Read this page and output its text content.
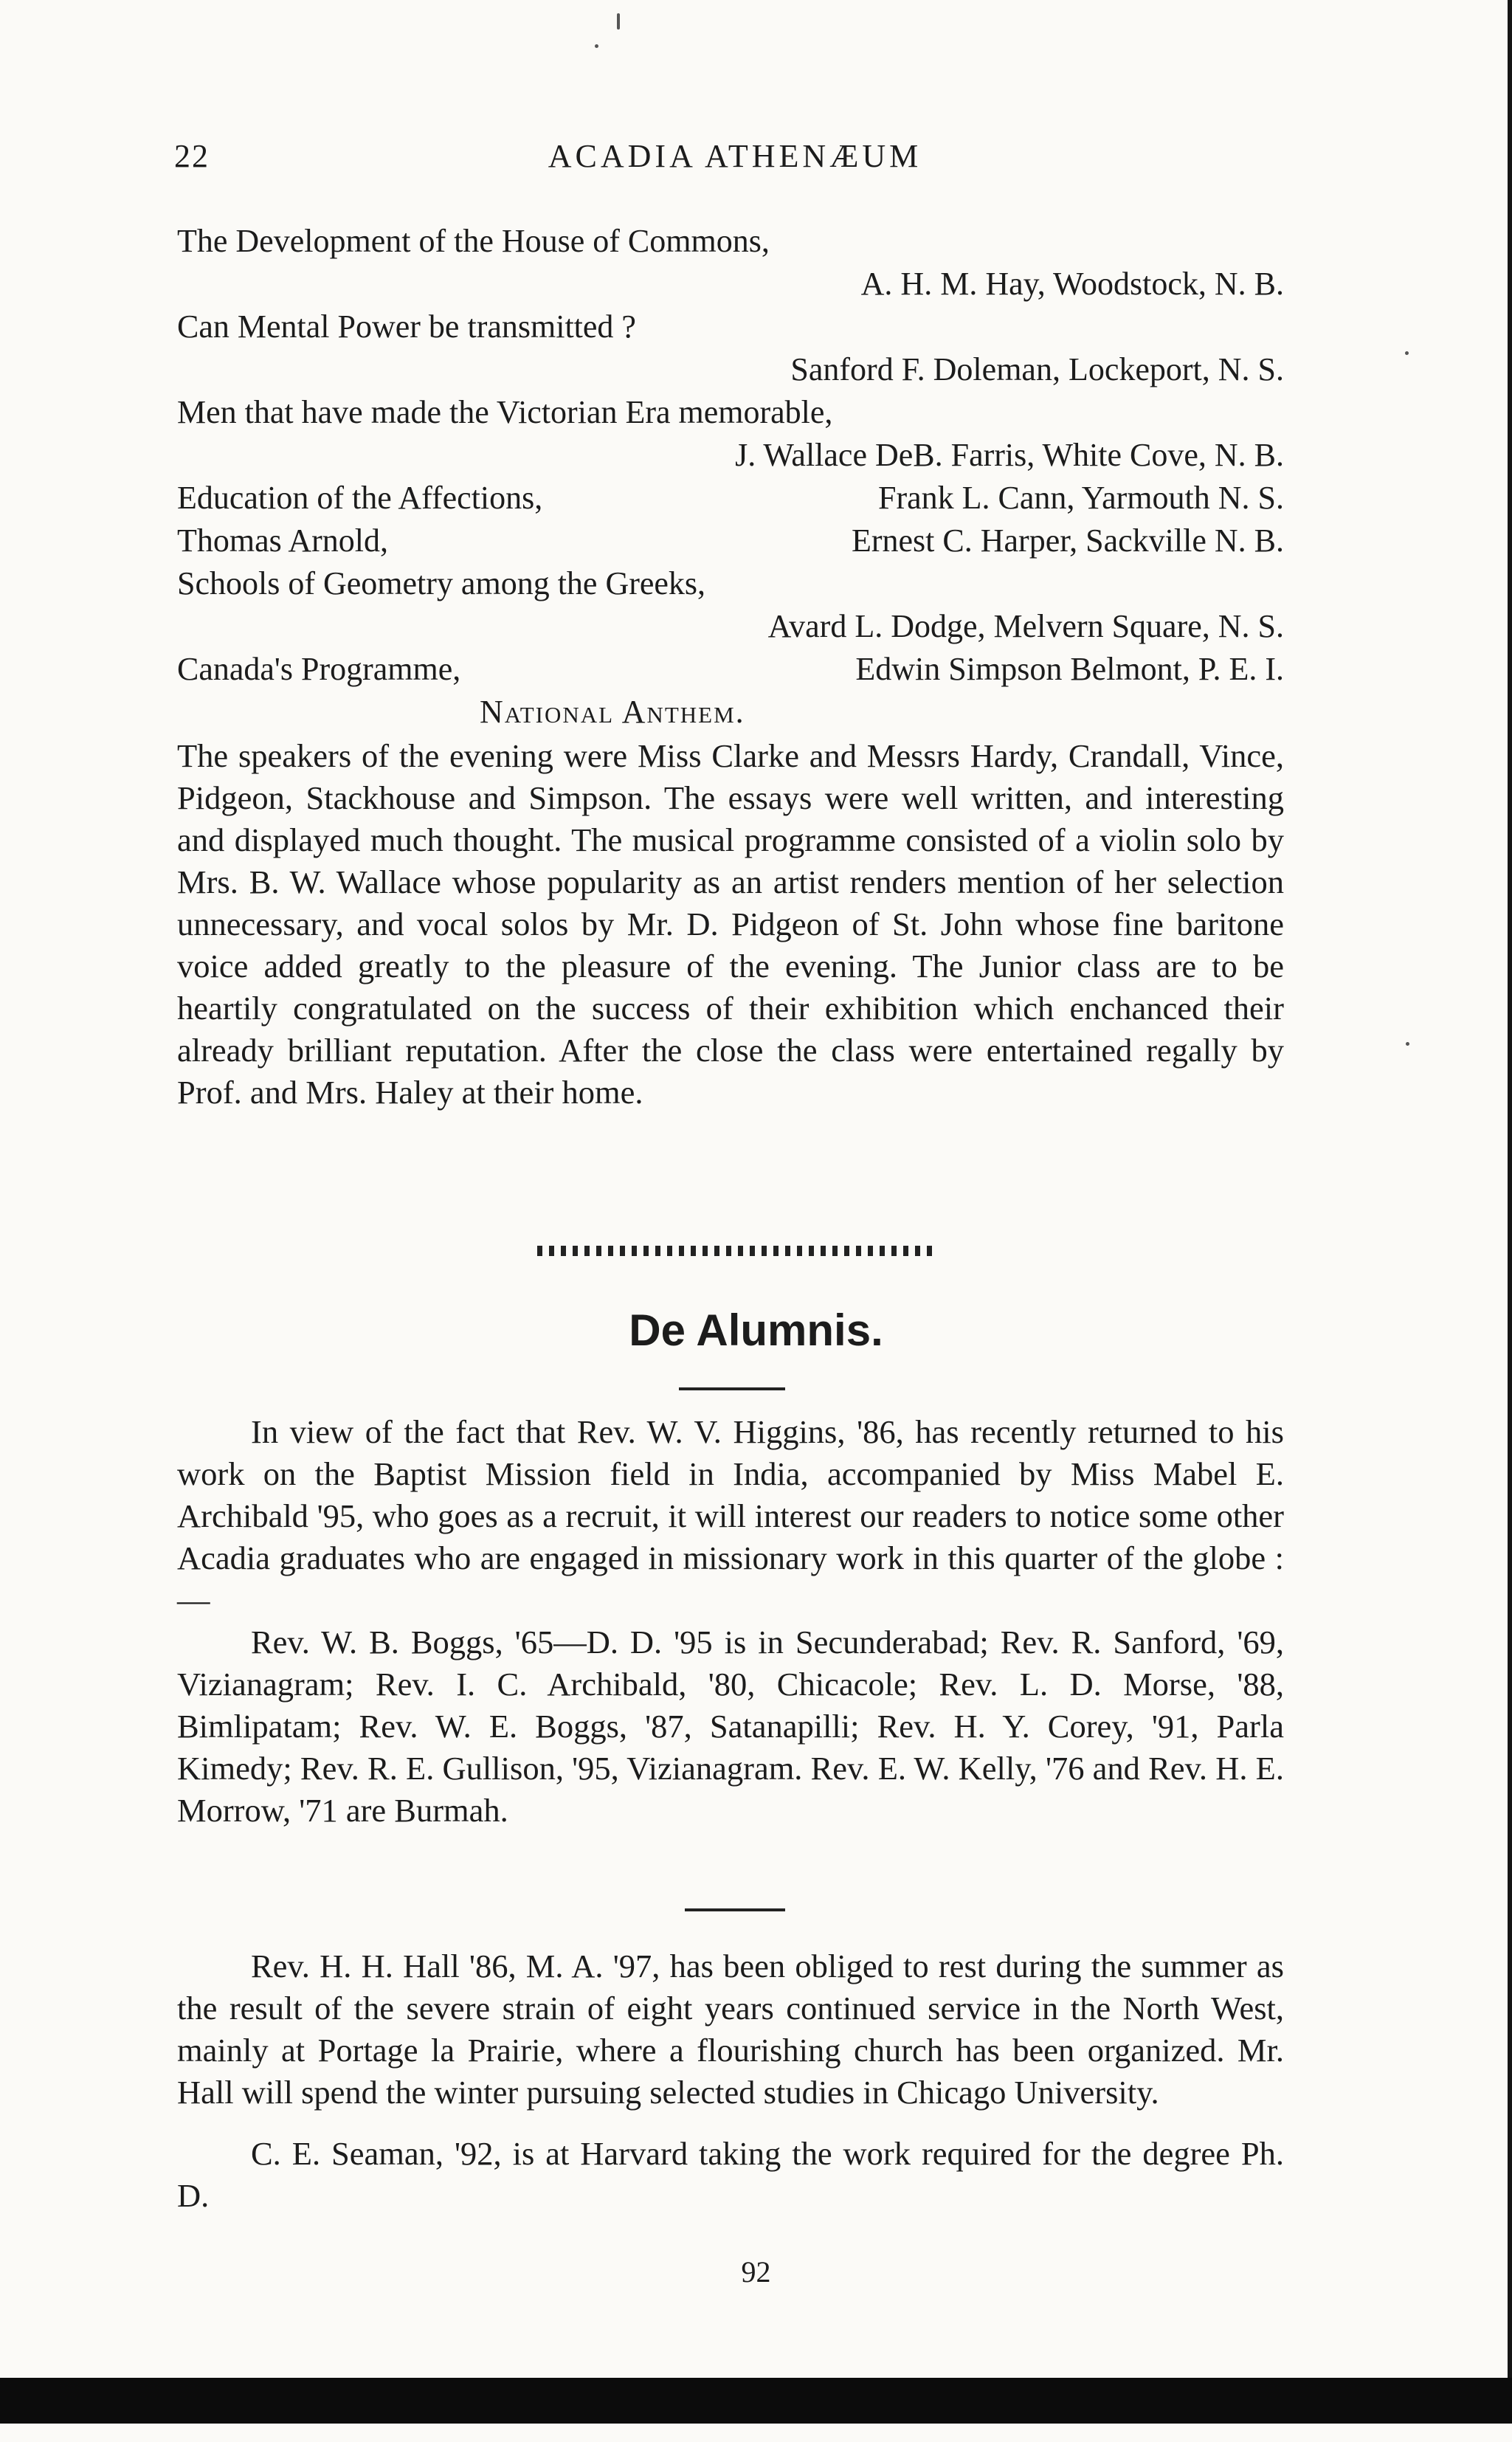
22	ACADIA ATHENÆUM
The Development of the House of Commons,
A. H. M. Hay, Woodstock, N. B.
Can Mental Power be transmitted ?
Sanford F. Doleman, Lockeport, N. S.
Men that have made the Victorian Era memorable,
J. Wallace DeB. Farris, White Cove, N. B.
Education of the Affections,	Frank L. Cann, Yarmouth N. S.
Thomas Arnold,	Ernest C. Harper, Sackville N. B.
Schools of Geometry among the Greeks,
Avard L. Dodge, Melvern Square, N. S.
Canada's Programme,	Edwin Simpson Belmont, P. E. I.
National Anthem.

The speakers of the evening were Miss Clarke and Messrs Hardy, Crandall, Vince, Pidgeon, Stackhouse and Simpson. The essays were well written, and interesting and displayed much thought. The musical programme consisted of a violin solo by Mrs. B. W. Wallace whose popularity as an artist renders mention of her selection unnecessary, and vocal solos by Mr. D. Pidgeon of St. John whose fine baritone voice added greatly to the pleasure of the evening. The Junior class are to be heartily congratulated on the success of their exhibition which enchanced their already brilliant reputation. After the close the class were entertained regally by Prof. and Mrs. Haley at their home.

De Alumnis.

In view of the fact that Rev. W. V. Higgins, '86, has recently returned to his work on the Baptist Mission field in India, accompanied by Miss Mabel E. Archibald '95, who goes as a recruit, it will interest our readers to notice some other Acadia graduates who are engaged in missionary work in this quarter of the globe :—

Rev. W. B. Boggs, '65—D. D. '95 is in Secunderabad; Rev. R. Sanford, '69, Vizianagram; Rev. I. C. Archibald, '80, Chicacole; Rev. L. D. Morse, '88, Bimlipatam; Rev. W. E. Boggs, '87, Satanapilli; Rev. H. Y. Corey, '91, Parla Kimedy; Rev. R. E. Gullison, '95, Vizianagram. Rev. E. W. Kelly, '76 and Rev. H. E. Morrow, '71 are Burmah.

Rev. H. H. Hall '86, M. A. '97, has been obliged to rest during the summer as the result of the severe strain of eight years continued service in the North West, mainly at Portage la Prairie, where a flourishing church has been organized. Mr. Hall will spend the winter pursuing selected studies in Chicago University.

C. E. Seaman, '92, is at Harvard taking the work required for the degree Ph. D.

92
